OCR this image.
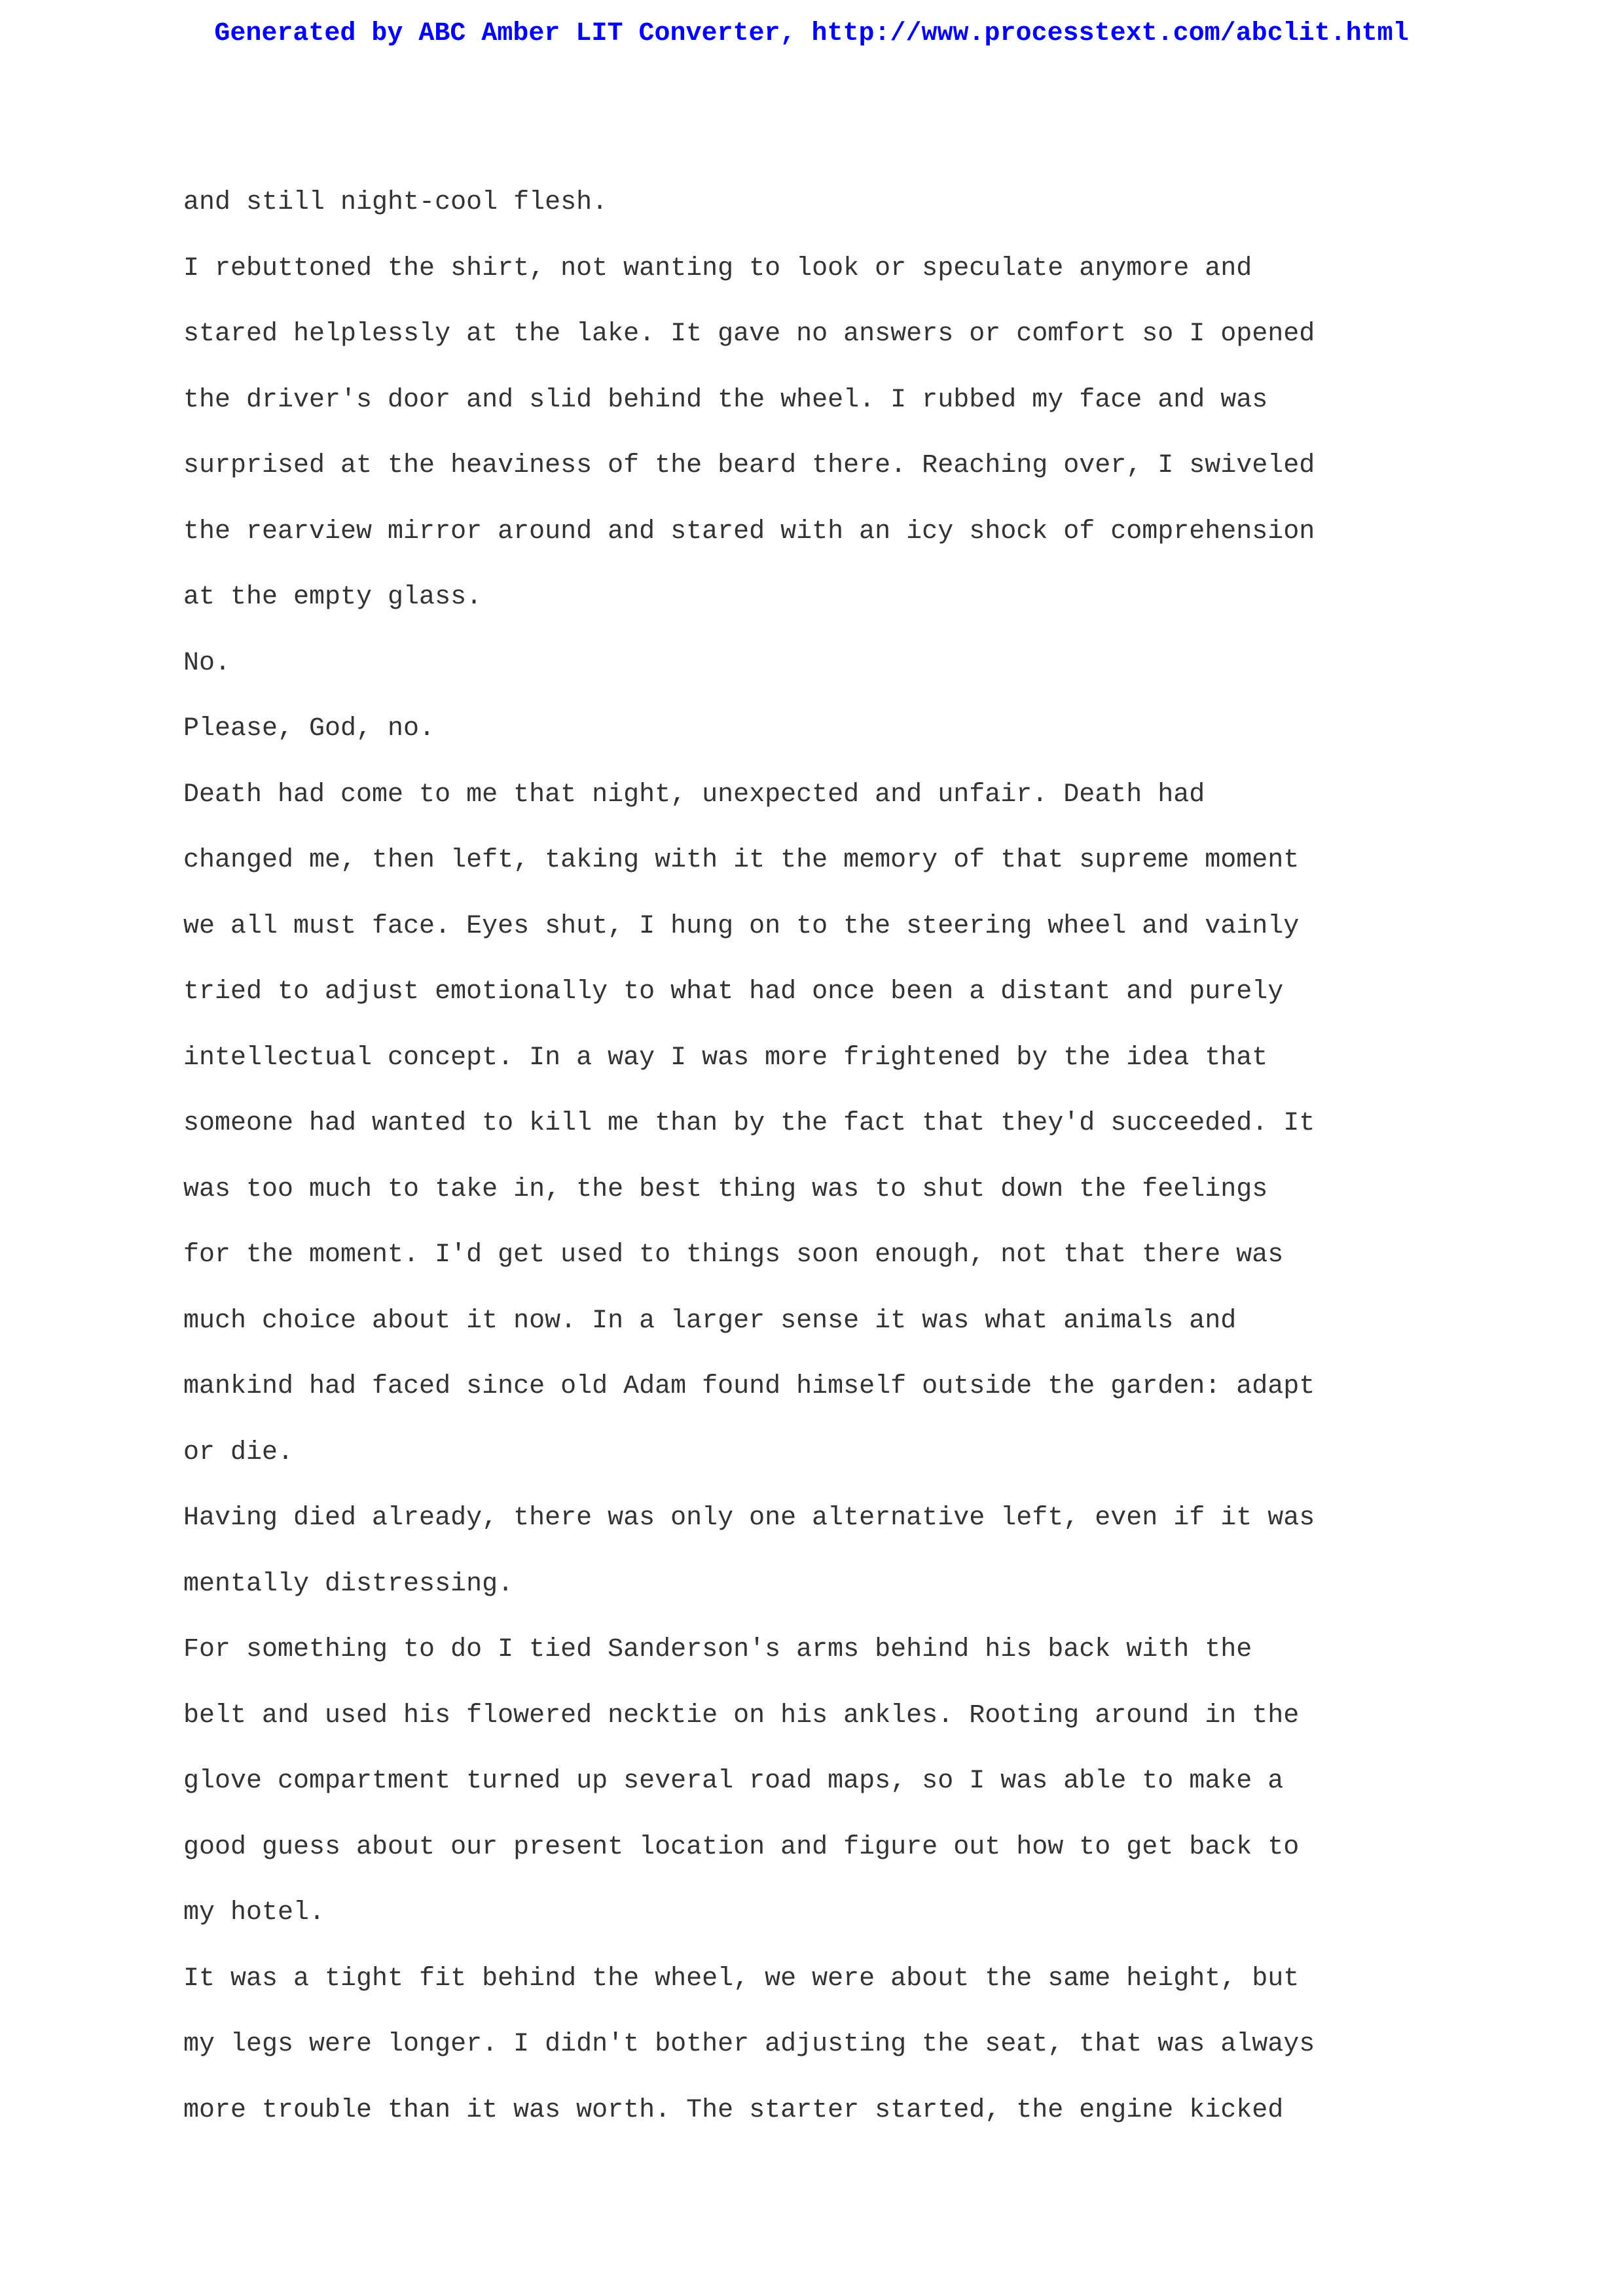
Generated by ABC Amber LIT Converter, http://www.processtext.com/abclit.html
and still night-cool flesh.
I rebuttoned the shirt, not wanting to look or speculate anymore and
stared helplessly at the lake. It gave no answers or comfort so I opened
the driver's door and slid behind the wheel. I rubbed my face and was
surprised at the heaviness of the beard there. Reaching over, I swiveled
the rearview mirror around and stared with an icy shock of comprehension
at the empty glass.
No.
Please, God, no.
Death had come to me that night, unexpected and unfair. Death had
changed me, then left, taking with it the memory of that supreme moment
we all must face. Eyes shut, I hung on to the steering wheel and vainly
tried to adjust emotionally to what had once been a distant and purely
intellectual concept. In a way I was more frightened by the idea that
someone had wanted to kill me than by the fact that they'd succeeded. It
was too much to take in, the best thing was to shut down the feelings
for the moment. I'd get used to things soon enough, not that there was
much choice about it now. In a larger sense it was what animals and
mankind had faced since old Adam found himself outside the garden: adapt
or die.
Having died already, there was only one alternative left, even if it was
mentally distressing.
For something to do I tied Sanderson's arms behind his back with the
belt and used his flowered necktie on his ankles. Rooting around in the
glove compartment turned up several road maps, so I was able to make a
good guess about our present location and figure out how to get back to
my hotel.
It was a tight fit behind the wheel, we were about the same height, but
my legs were longer. I didn't bother adjusting the seat, that was always
more trouble than it was worth. The starter started, the engine kicked
